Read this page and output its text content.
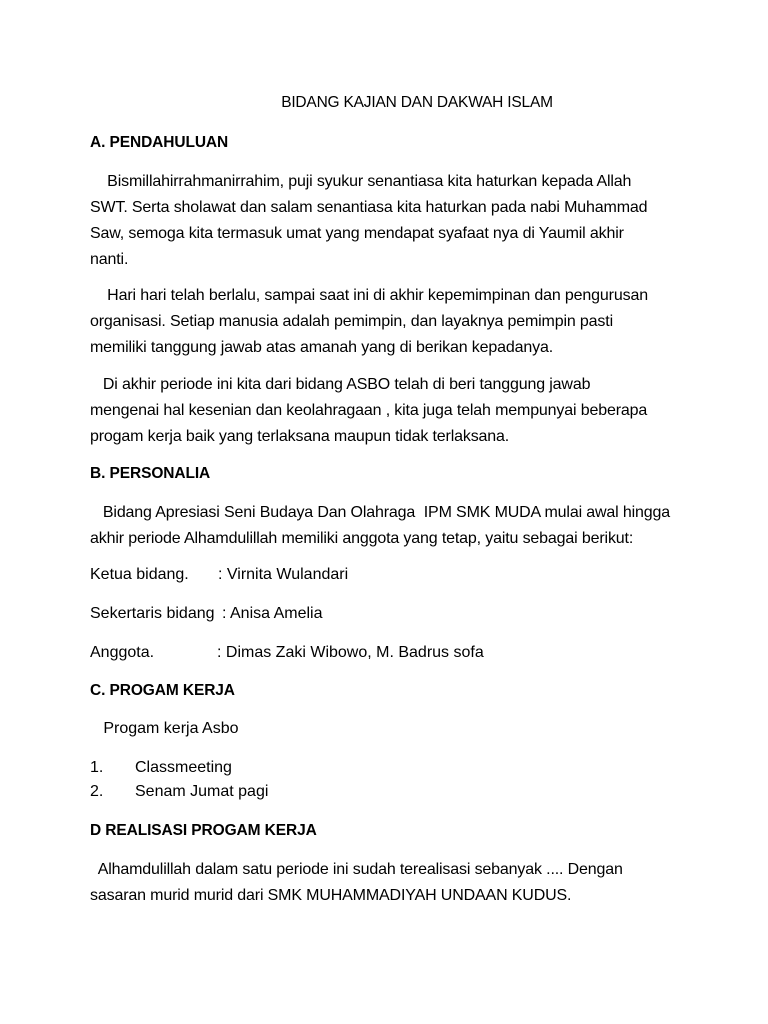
BIDANG KAJIAN DAN DAKWAH ISLAM
A. PENDAHULUAN
Bismillahirrahmanirrahim, puji syukur senantiasa kita haturkan kepada Allah
SWT. Serta sholawat dan salam senantiasa kita haturkan pada nabi Muhammad
Saw, semoga kita termasuk umat yang mendapat syafaat nya di Yaumil akhir
nanti.
Hari hari telah berlalu, sampai saat ini di akhir kepemimpinan dan pengurusan
organisasi. Setiap manusia adalah pemimpin, dan layaknya pemimpin pasti
memiliki tanggung jawab atas amanah yang di berikan kepadanya.
Di akhir periode ini kita dari bidang ASBO telah di beri tanggung jawab
mengenai hal kesenian dan keolahragaan , kita juga telah mempunyai beberapa
progam kerja baik yang terlaksana maupun tidak terlaksana.
B. PERSONALIA
Bidang Apresiasi Seni Budaya Dan Olahraga  IPM SMK MUDA mulai awal hingga
akhir periode Alhamdulillah memiliki anggota yang tetap, yaitu sebagai berikut:
Ketua bidang. : Virnita Wulandari
Sekertaris bidang : Anisa Amelia
Anggota.	: Dimas Zaki Wibowo, M. Badrus sofa
C. PROGAM KERJA
Progam kerja Asbo
1. Classmeeting
2. Senam Jumat pagi
D REALISASI PROGAM KERJA
Alhamdulillah dalam satu periode ini sudah terealisasi sebanyak .... Dengan
sasaran murid murid dari SMK MUHAMMADIYAH UNDAAN KUDUS.
